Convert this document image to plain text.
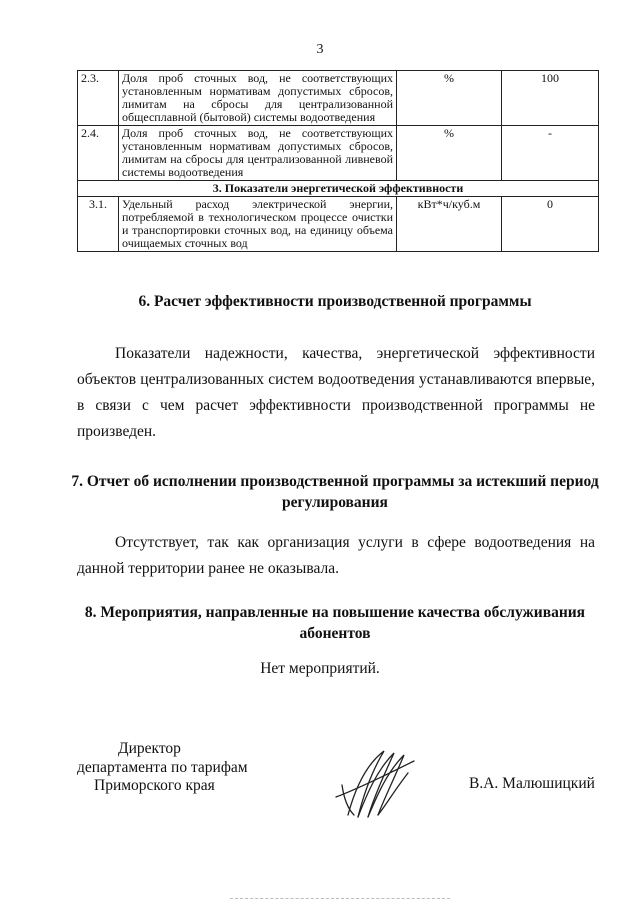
3
2.3.	Доля проб сточных вод, не соответствующих установленным нормативам допустимых сбросов, лимитам на сбросы для централизованной общесплавной (бытовой) системы водоотведения	%	100
2.4.	Доля проб сточных вод, не соответствующих установленным нормативам допустимых сбросов, лимитам на сбросы для централизованной ливневой системы водоотведения	%	-
3. Показатели энергетической эффективности			
3.1.	Удельный расход электрической энергии, потребляемой в технологическом процессе очистки и транспортировки сточных вод, на единицу объема очищаемых сточных вод	кВт*ч/куб.м	0
6. Расчет эффективности производственной программы
Показатели надежности, качества, энергетической эффективности объектов централизованных систем водоотведения устанавливаются впервые, в связи с чем расчет эффективности производственной программы не произведен.
7. Отчет об исполнении производственной программы за истекший период регулирования
Отсутствует, так как организация услуги в сфере водоотведения на данной территории ранее не оказывала.
8. Мероприятия, направленные на повышение качества обслуживания абонентов
Нет мероприятий.
Директор
департамента по тарифам
Приморского края	В.А. Малюшицкий
